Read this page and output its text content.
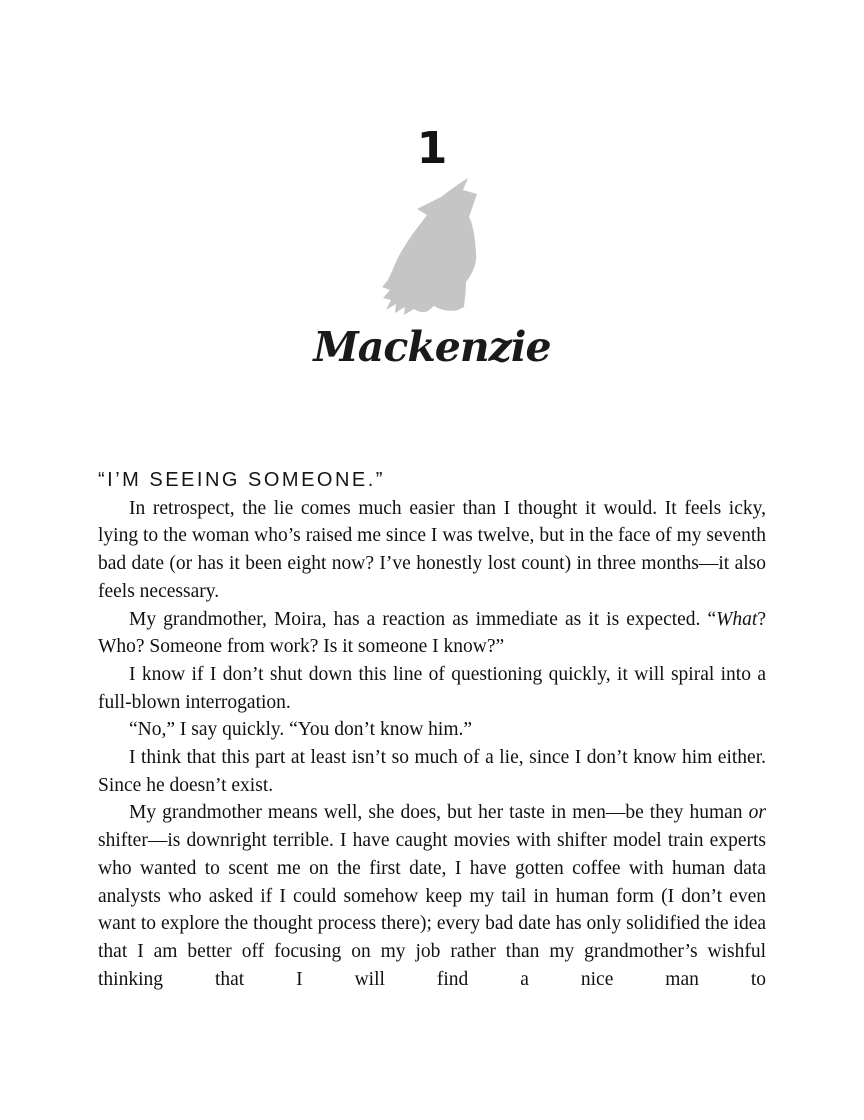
1

Mackenzie

“I’M SEEING SOMEONE.”

In retrospect, the lie comes much easier than I thought it would. It feels icky, lying to the woman who’s raised me since I was twelve, but in the face of my seventh bad date (or has it been eight now? I’ve honestly lost count) in three months—it also feels necessary.

My grandmother, Moira, has a reaction as immediate as it is expected. “What? Who? Someone from work? Is it someone I know?”

I know if I don’t shut down this line of questioning quickly, it will spiral into a full-blown interrogation.

“No,” I say quickly. “You don’t know him.”

I think that this part at least isn’t so much of a lie, since I don’t know him either. Since he doesn’t exist.

My grandmother means well, she does, but her taste in men—be they human or shifter—is downright terrible. I have caught movies with shifter model train experts who wanted to scent me on the first date, I have gotten coffee with human data analysts who asked if I could somehow keep my tail in human form (I don’t even want to explore the thought process there); every bad date has only solidified the idea that I am better off focusing on my job rather than my grandmother’s wishful thinking that I will find a nice man to
